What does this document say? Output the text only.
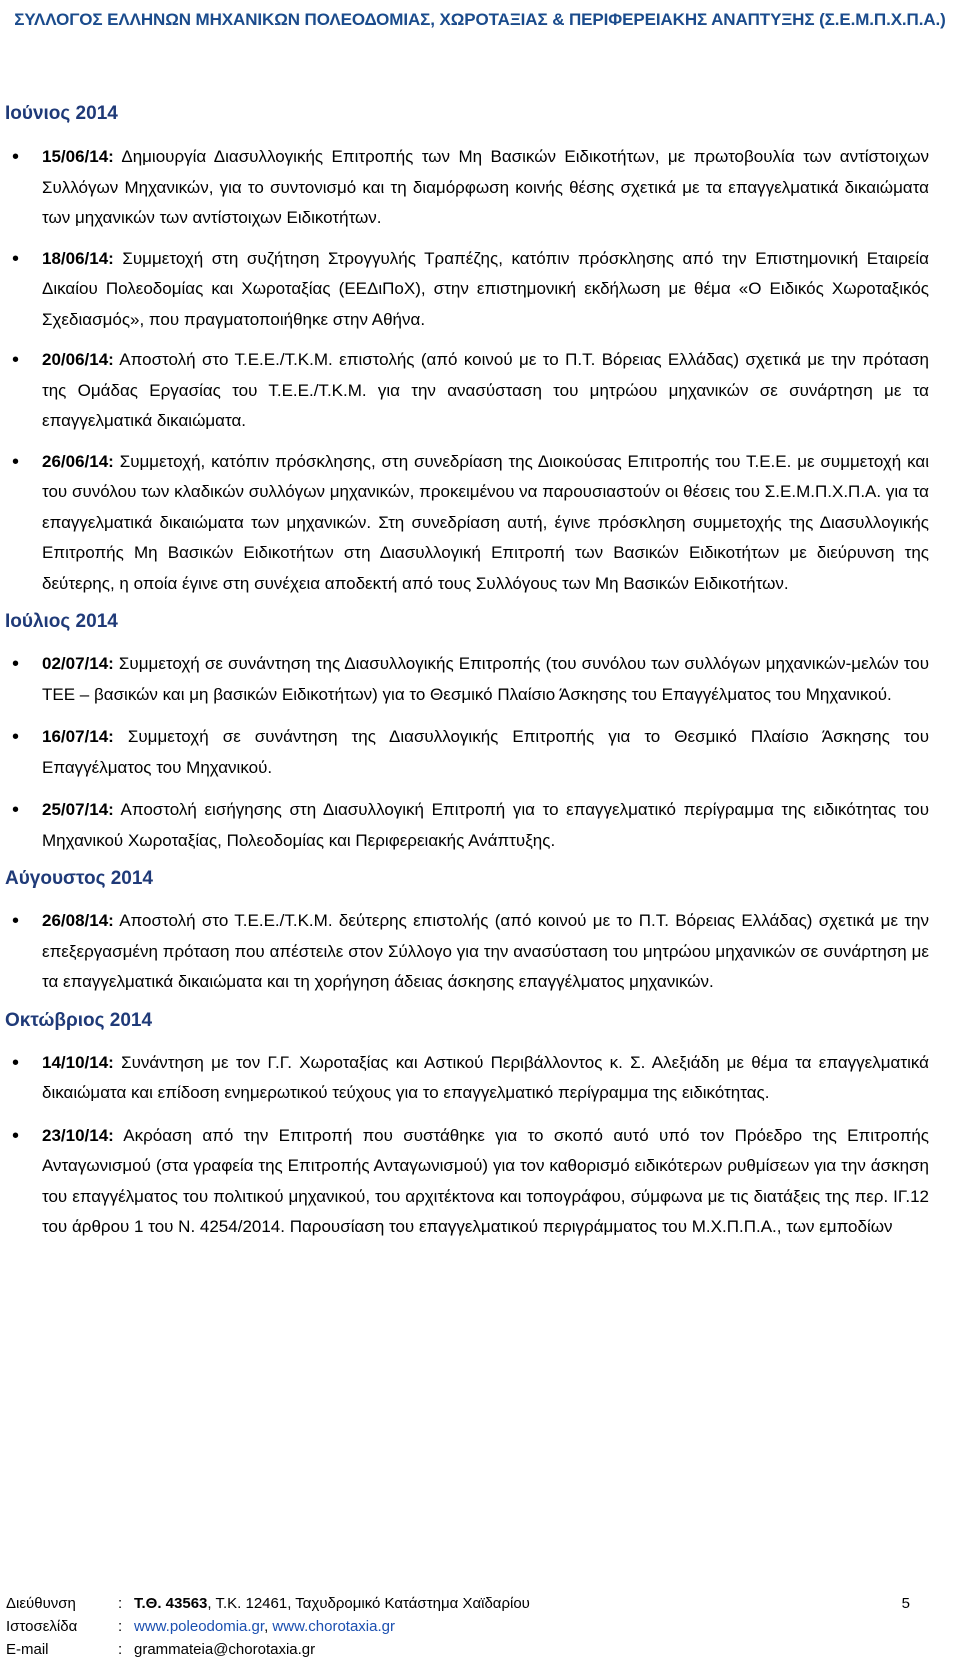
ΣΥΛΛΟΓΟΣ ΕΛΛΗΝΩΝ ΜΗΧΑΝΙΚΩΝ ΠΟΛΕΟΔΟΜΙΑΣ, ΧΩΡΟΤΑΞΙΑΣ & ΠΕΡΙΦΕΡΕΙΑΚΗΣ ΑΝΑΠΤΥΞΗΣ (Σ.Ε.Μ.Π.Χ.Π.Α.)
Ιούνιος 2014
• 15/06/14: Δημιουργία Διασυλλογικής Επιτροπής των Μη Βασικών Ειδικοτήτων, με πρωτοβουλία των αντίστοιχων Συλλόγων Μηχανικών, για το συντονισμό και τη διαμόρφωση κοινής θέσης σχετικά με τα επαγγελματικά δικαιώματα των μηχανικών των αντίστοιχων Ειδικοτήτων.
• 18/06/14: Συμμετοχή στη συζήτηση Στρογγυλής Τραπέζης, κατόπιν πρόσκλησης από την Επιστημονική Εταιρεία Δικαίου Πολεοδομίας και Χωροταξίας (ΕΕΔιΠοΧ), στην επιστημονική εκδήλωση με θέμα «Ο Ειδικός Χωροταξικός Σχεδιασμός», που πραγματοποιήθηκε στην Αθήνα.
• 20/06/14: Αποστολή στο Τ.Ε.Ε./Τ.Κ.Μ. επιστολής (από κοινού με το Π.Τ. Βόρειας Ελλάδας) σχετικά με την πρόταση της Ομάδας Εργασίας του Τ.Ε.Ε./Τ.Κ.Μ. για την ανασύσταση του μητρώου μηχανικών σε συνάρτηση με τα επαγγελματικά δικαιώματα.
• 26/06/14: Συμμετοχή, κατόπιν πρόσκλησης, στη συνεδρίαση της Διοικούσας Επιτροπής του Τ.Ε.Ε. με συμμετοχή και του συνόλου των κλαδικών συλλόγων μηχανικών, προκειμένου να παρουσιαστούν οι θέσεις του Σ.Ε.Μ.Π.Χ.Π.Α. για τα επαγγελματικά δικαιώματα των μηχανικών. Στη συνεδρίαση αυτή, έγινε πρόσκληση συμμετοχής της Διασυλλογικής Επιτροπής Μη Βασικών Ειδικοτήτων στη Διασυλλογική Επιτροπή των Βασικών Ειδικοτήτων με διεύρυνση της δεύτερης, η οποία έγινε στη συνέχεια αποδεκτή από τους Συλλόγους των Μη Βασικών Ειδικοτήτων.
Ιούλιος 2014
• 02/07/14: Συμμετοχή σε συνάντηση της Διασυλλογικής Επιτροπής (του συνόλου των συλλόγων μηχανικών-μελών του ΤΕΕ – βασικών και μη βασικών Ειδικοτήτων) για το Θεσμικό Πλαίσιο Άσκησης του Επαγγέλματος του Μηχανικού.
• 16/07/14: Συμμετοχή σε συνάντηση της Διασυλλογικής Επιτροπής για το Θεσμικό Πλαίσιο Άσκησης του Επαγγέλματος του Μηχανικού.
• 25/07/14: Αποστολή εισήγησης στη Διασυλλογική Επιτροπή για το επαγγελματικό περίγραμμα της ειδικότητας του Μηχανικού Χωροταξίας, Πολεοδομίας και Περιφερειακής Ανάπτυξης.
Αύγουστος 2014
• 26/08/14: Αποστολή στο Τ.Ε.Ε./Τ.Κ.Μ. δεύτερης επιστολής (από κοινού με το Π.Τ. Βόρειας Ελλάδας) σχετικά με την επεξεργασμένη πρόταση που απέστειλε στον Σύλλογο για την ανασύσταση του μητρώου μηχανικών σε συνάρτηση με τα επαγγελματικά δικαιώματα και τη χορήγηση άδειας άσκησης επαγγέλματος μηχανικών.
Οκτώβριος 2014
• 14/10/14: Συνάντηση με τον Γ.Γ. Χωροταξίας και Αστικού Περιβάλλοντος κ. Σ. Αλεξιάδη με θέμα τα επαγγελματικά δικαιώματα και επίδοση ενημερωτικού τεύχους για το επαγγελματικό περίγραμμα της ειδικότητας.
• 23/10/14: Ακρόαση από την Επιτροπή που συστάθηκε για το σκοπό αυτό υπό τον Πρόεδρο της Επιτροπής Ανταγωνισμού (στα γραφεία της Επιτροπής Ανταγωνισμού) για τον καθορισμό ειδικότερων ρυθμίσεων για την άσκηση του επαγγέλματος του πολιτικού μηχανικού, του αρχιτέκτονα και τοπογράφου, σύμφωνα με τις διατάξεις της περ. ΙΓ.12 του άρθρου 1 του Ν. 4254/2014. Παρουσίαση του επαγγελματικού περιγράμματος του Μ.Χ.Π.Π.Α., των εμποδίων
Διεύθυνση	: Τ.Θ. 43563, Τ.Κ. 12461, Ταχυδρομικό Κατάστημα Χαϊδαρίου	5
Ιστοσελίδα	: www.poleodomia.gr, www.chorotaxia.gr
E-mail	: grammateia@chorotaxia.gr
